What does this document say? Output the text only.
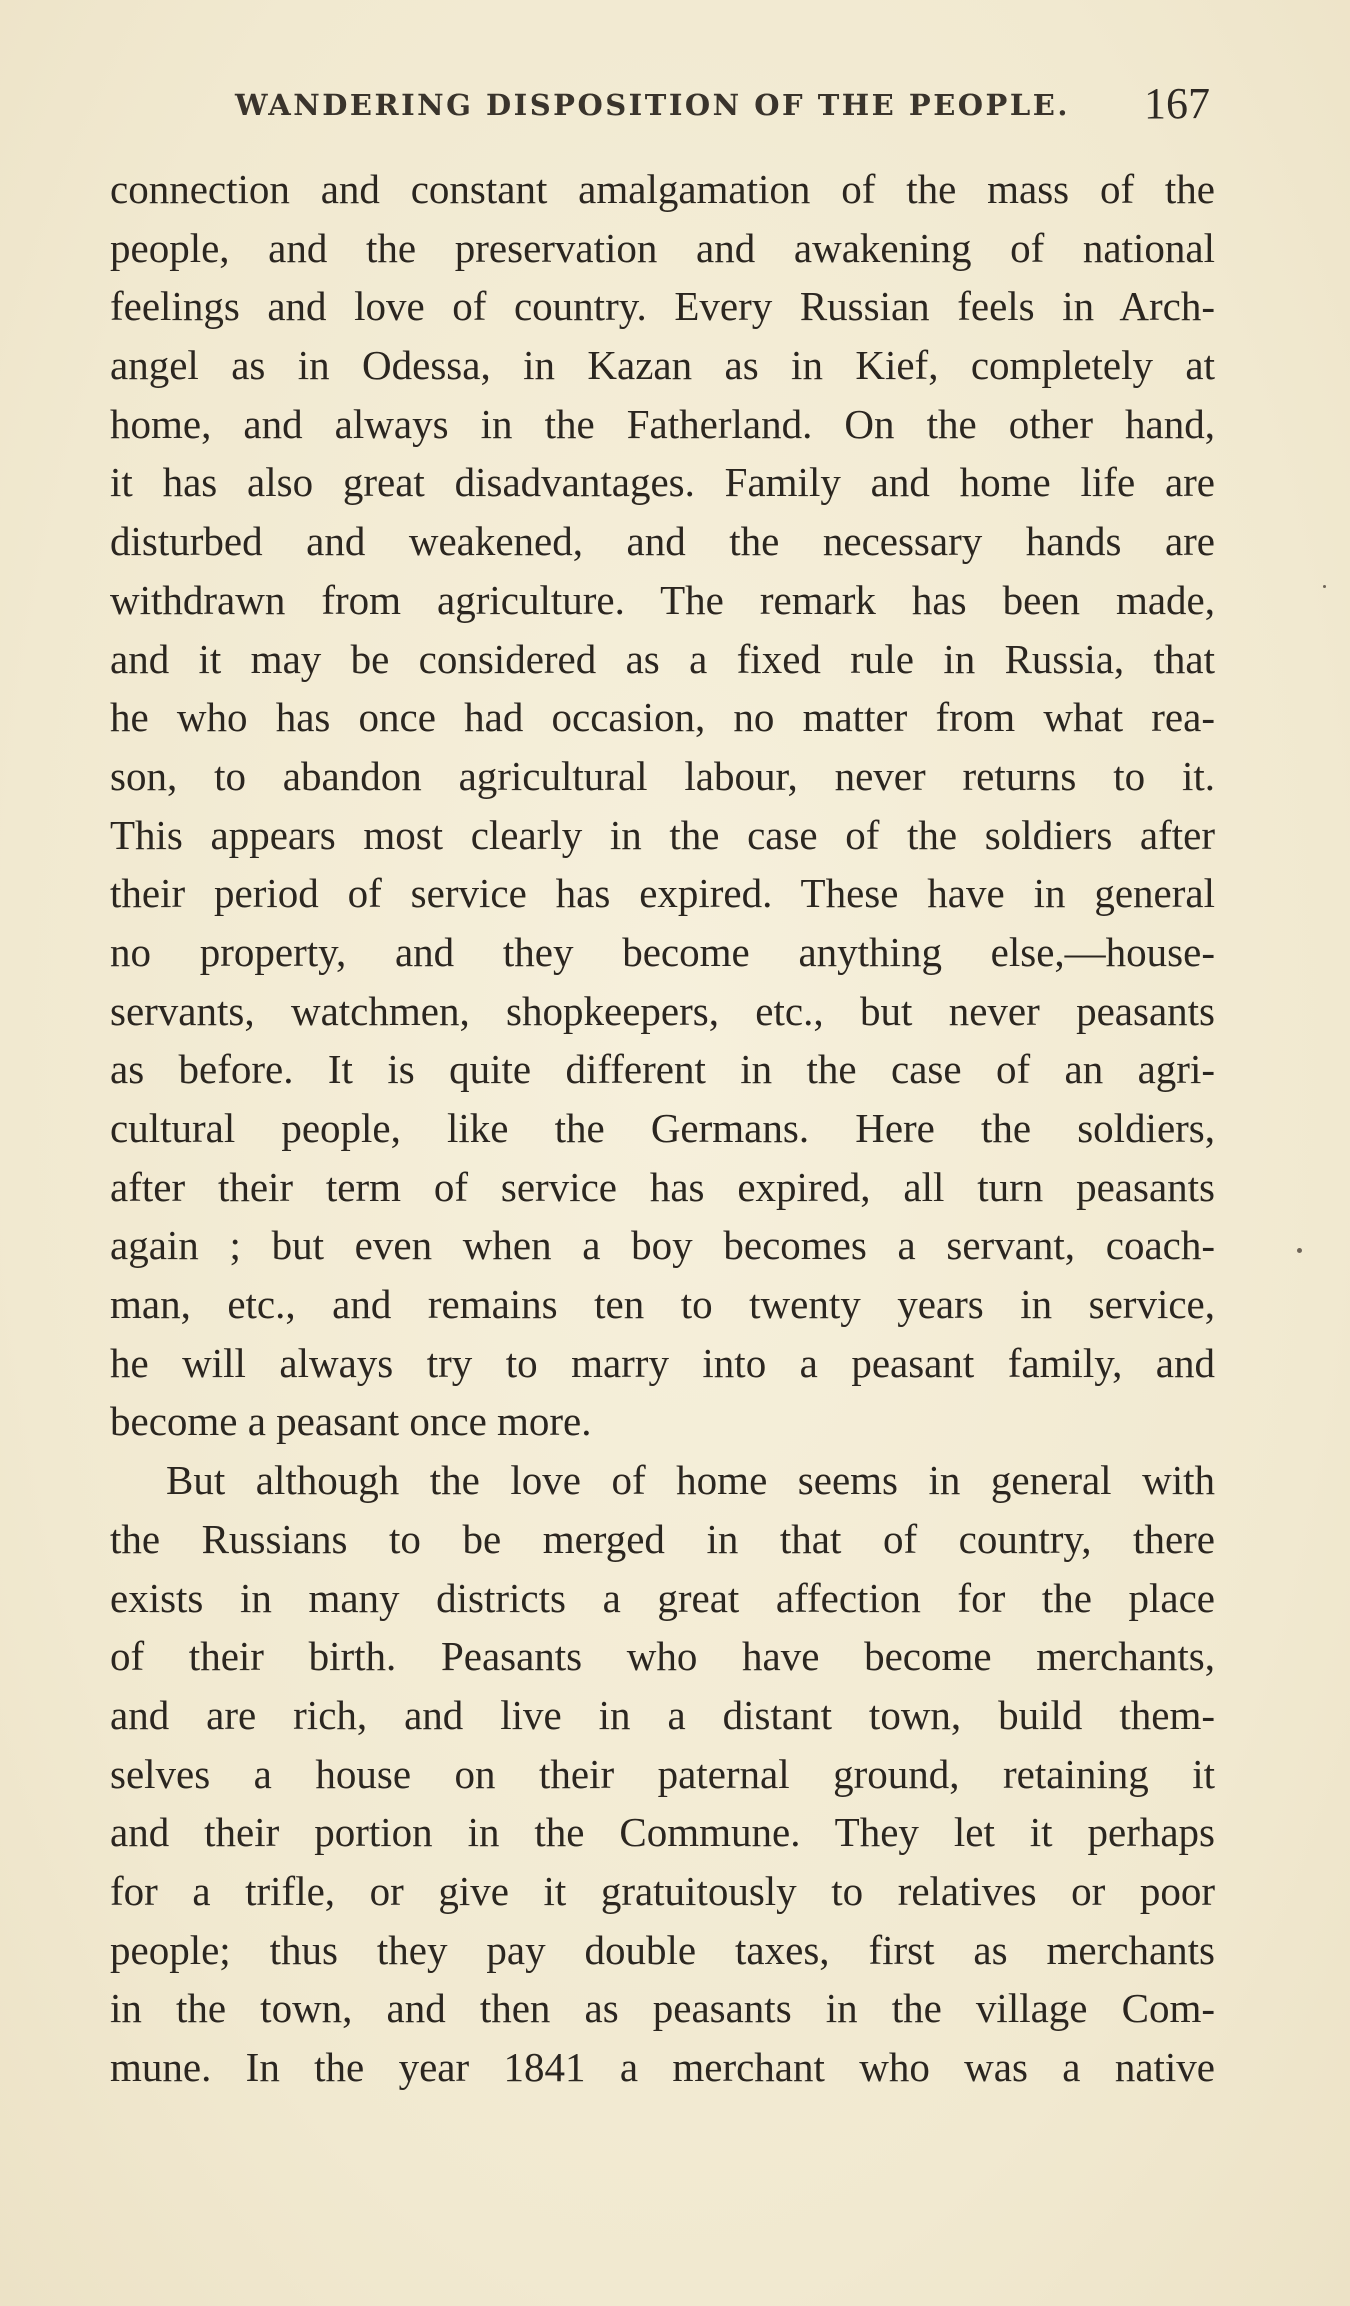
WANDERING DISPOSITION OF THE PEOPLE. 167
connection and constant amalgamation of the mass of the
people, and the preservation and awakening of national
feelings and love of country. Every Russian feels in Arch-
angel as in Odessa, in Kazan as in Kief, completely at
home, and always in the Fatherland. On the other hand,
it has also great disadvantages. Family and home life are
disturbed and weakened, and the necessary hands are
withdrawn from agriculture. The remark has been made,
and it may be considered as a fixed rule in Russia, that
he who has once had occasion, no matter from what rea-
son, to abandon agricultural labour, never returns to it.
This appears most clearly in the case of the soldiers after
their period of service has expired. These have in general
no property, and they become anything else,—house-
servants, watchmen, shopkeepers, etc., but never peasants
as before. It is quite different in the case of an agri-
cultural people, like the Germans. Here the soldiers,
after their term of service has expired, all turn peasants
again ; but even when a boy becomes a servant, coach-
man, etc., and remains ten to twenty years in service,
he will always try to marry into a peasant family, and
become a peasant once more.
But although the love of home seems in general with
the Russians to be merged in that of country, there
exists in many districts a great affection for the place
of their birth. Peasants who have become merchants,
and are rich, and live in a distant town, build them-
selves a house on their paternal ground, retaining it
and their portion in the Commune. They let it perhaps
for a trifle, or give it gratuitously to relatives or poor
people; thus they pay double taxes, first as merchants
in the town, and then as peasants in the village Com-
mune. In the year 1841 a merchant who was a native
